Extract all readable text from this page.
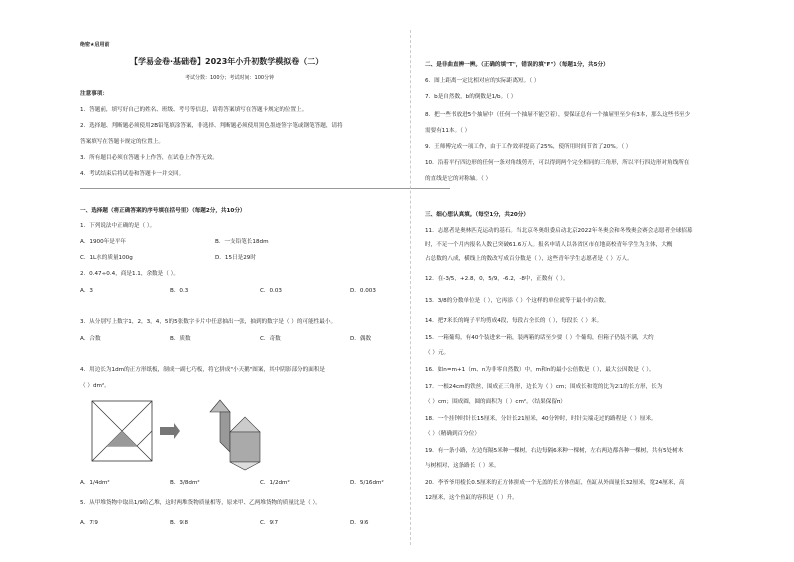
绝密★启用前
【学易金卷·基础卷】2023年小升初数学模拟卷（二）
考试分数：100分；考试时间：100分钟
注意事项：
1．答题前，填写好自己的姓名、班级、考号等信息，请将答案填写在答题卡规定的位置上。
2．选择题、判断题必须使用2B铅笔填涂答案，非选择、判断题必须使用黑色墨迹签字笔或钢笔答题，请将
答案填写在答题卡规定的位置上。
3．所有题目必须在答题卡上作答，在试卷上作答无效。
4．考试结束后将试卷和答题卡一并交回。
一、选择题（将正确答案的序号填在括号里）（每题2分，共10分）
1．下列说法中正确的是（ ）。
A．1900年是平年	B．一支铅笔长18dm
C．1L水的质量100g	D．15日是29时
2．0.47÷0.4，商是1.1，余数是（ ）。
A．3	B．0.3	C．0.03	D．0.003
3．从分别写上数字1，2，3，4，5的5张数字卡片中任意抽出一张，抽到的数字是（ ）的可能性最小。
A．合数	B．质数	C．奇数	D．偶数
4．用边长为1dm的正方形纸板，制成一副七巧板，将它拼成"小天鹅"图案，其中阴影部分的面积是
（ ）dm²。
A．1/4dm²	B．3/8dm²	C．1/2dm²	D．5/16dm²
5．从甲堆货物中取出1/9给乙堆，这时两堆货物质量相等，原来甲、乙两堆货物的质量比是（ ）。
A．7∶9	B．9∶8	C．9∶7	D．9∶6
二、是非曲直辨一辨。（正确的填"T"，错误的填"F"）（每题1分，共5分）
6．图上距离一定比相对应的实际距离短。（ ）
7．b是自然数，b的倒数是1/b。（ ）
8．把一些书放进5个抽屉中（任何一个抽屉不能空着），要保证总有一个抽屉里至少有3本，那么这些书至少
需要有11本。（ ）
9．王师傅完成一项工作，由于工作效率提高了25%，使所用时间节省了20%。（ ）
10．沿着平行四边形的任何一条对角线剪开，可以得到两个完全相同的三角形，所以平行四边形对角线所在
的直线是它的对称轴。（ ）
三、细心想认真填。（每空1分，共20分）
11．志愿者是奥林匹克运动的基石。当北京冬奥组委启动北京2022年冬奥会和冬残奥会赛会志愿者全球招募
时，不足一个月内报名人数已突破61.6万人。报名申请人以各省区市在地高校青年学生为主体，大概
占总数的八成，横线上的数改写成百分数是（ ），这些青年学生志愿者是（ ）万人。
12．在-3/5，+2.8，0，5/9，-6.2，-8中，正数有（ ）。
13．3/8的分数单位是（ ），它再添（ ）个这样的单位就等于最小的合数。
14．把7米长的绳子平均剪成4段，每段占全长的（ ），每段长（ ）米。
15．一箱葡萄，有40个装进来一箱，装两箱的话至少要（ ）个葡萄，但箱子仍装不满，大约
（ ）元。
16．如n=m+1（m、n为非零自然数）中，m和n的最小公倍数是（ ），最大公因数是（ ）。
17．一根24cm的铁丝，围成正三角形，边长为（ ）cm；围成长和宽的比为2∶1的长方形，长为
（ ）cm；围成圆，圆的面积为（ ）cm²。（结果保留π）
18．一个挂钟时针长15厘米，分针长21厘米，40分钟时，时针尖端走过的路程是（ ）厘米。
（ ）（精确到百分位）
19．有一条小路，左边每隔5米种一棵树，右边每隔6米种一棵树，左右两边都各种一棵树，共有5处树木
与树相对，这条路长（ ）米。
20．李爷爷用棱长0.5厘米的正方体拼成一个无盖的长方体鱼缸，鱼缸从外面量长32厘米，宽24厘米，高
12厘米，这个鱼缸的容积是（ ）升。
